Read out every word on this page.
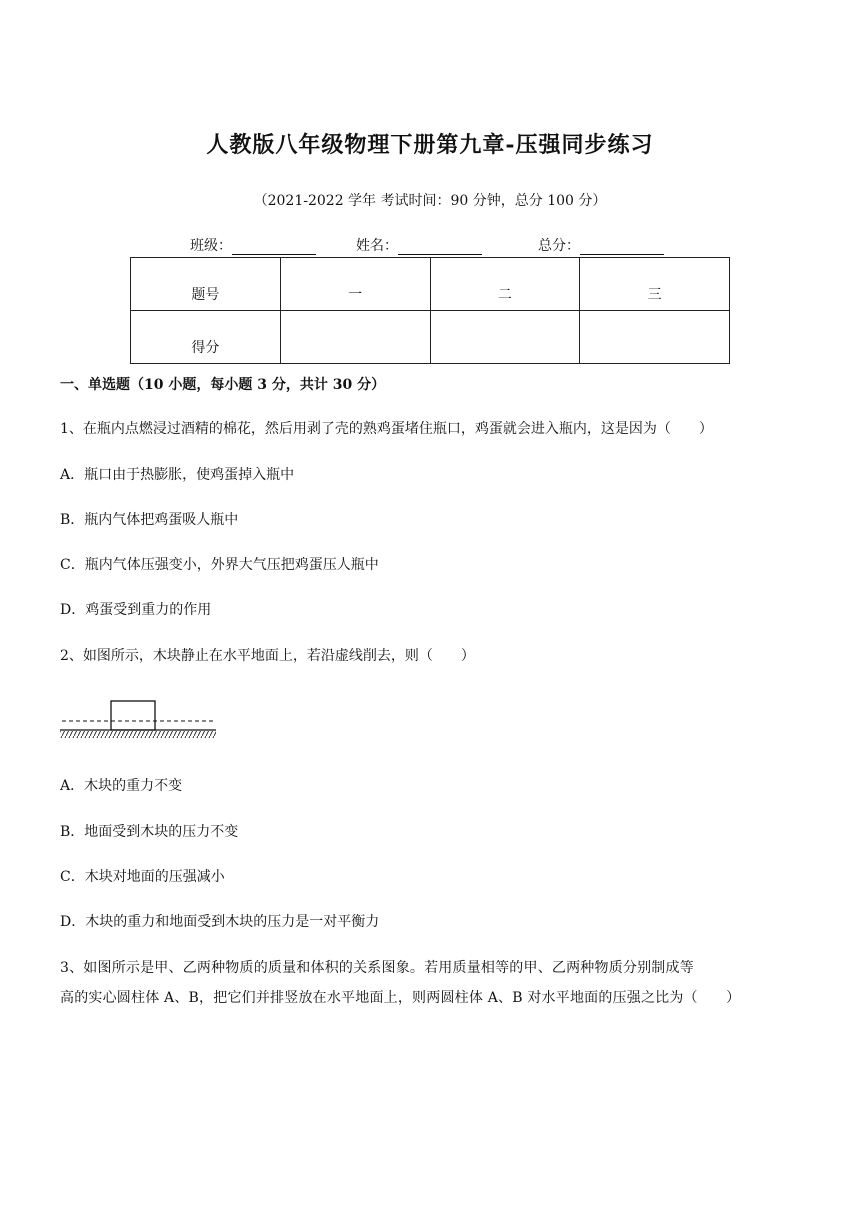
人教版八年级物理下册第九章-压强同步练习
（2021-2022 学年 考试时间：90 分钟，总分 100 分）
班级：	姓名：	总分：
题号	一	二	三
得分			
一、单选题（10 小题，每小题 3 分，共计 30 分）
1、在瓶内点燃浸过酒精的棉花，然后用剥了壳的熟鸡蛋堵住瓶口，鸡蛋就会进入瓶内，这是因为（　　）
A．瓶口由于热膨胀，使鸡蛋掉入瓶中
B．瓶内气体把鸡蛋吸人瓶中
C．瓶内气体压强变小，外界大气压把鸡蛋压人瓶中
D．鸡蛋受到重力的作用
2、如图所示，木块静止在水平地面上，若沿虚线削去，则（　　）
A．木块的重力不变
B．地面受到木块的压力不变
C．木块对地面的压强减小
D．木块的重力和地面受到木块的压力是一对平衡力
3、如图所示是甲、乙两种物质的质量和体积的关系图象。若用质量相等的甲、乙两种物质分别制成等
高的实心圆柱体 A、B，把它们并排竖放在水平地面上，则两圆柱体 A、B 对水平地面的压强之比为（　　）
